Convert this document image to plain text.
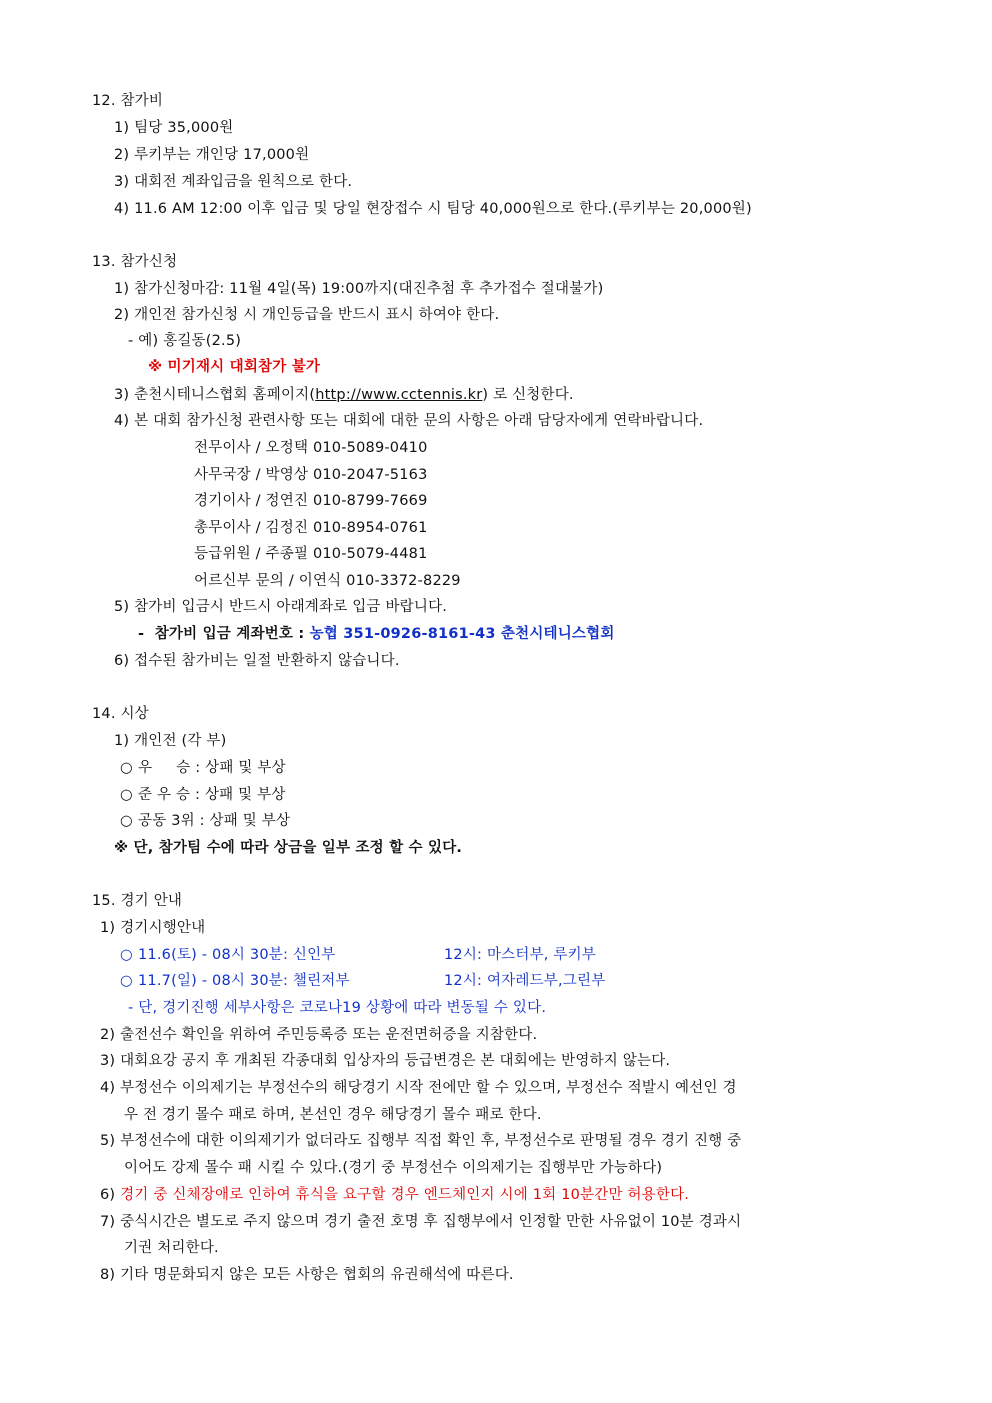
12. 참가비
1) 팀당 35,000원
2) 루키부는 개인당 17,000원
3) 대회전 계좌입금을 원칙으로 한다.
4) 11.6 AM 12:00 이후 입금 및 당일 현장접수 시 팀당 40,000원으로 한다.(루키부는 20,000원)
13. 참가신청
1) 참가신청마감: 11월 4일(목) 19:00까지(대진추첨 후 추가접수 절대불가)
2) 개인전 참가신청 시 개인등급을 반드시 표시 하여야 한다.
- 예) 홍길동(2.5)
※ 미기재시 대회참가 불가
3) 춘천시테니스협회 홈페이지(http://www.cctennis.kr) 로 신청한다.
4) 본 대회 참가신청 관련사항 또는 대회에 대한 문의 사항은 아래 담당자에게 연락바랍니다.
전무이사 / 오정택 010-5089-0410
사무국장 / 박영상 010-2047-5163
경기이사 / 정연진 010-8799-7669
총무이사 / 김정진 010-8954-0761
등급위원 / 주종필 010-5079-4481
어르신부 문의 / 이연식 010-3372-8229
5) 참가비 입금시 반드시 아래계좌로 입금 바랍니다.
-  참가비 입금 계좌번호 : 농협 351-0926-8161-43 춘천시테니스협회
6) 접수된 참가비는 일절 반환하지 않습니다.
14. 시상
1) 개인전 (각 부)
○ 우     승 : 상패 및 부상
○ 준 우 승 : 상패 및 부상
○ 공동 3위 : 상패 및 부상
※ 단, 참가팀 수에 따라 상금을 일부 조정 할 수 있다.
15. 경기 안내
1) 경기시행안내
○ 11.6(토) - 08시 30분: 신인부	12시: 마스터부, 루키부
○ 11.7(일) - 08시 30분: 챌린저부	12시: 여자레드부,그린부
- 단, 경기진행 세부사항은 코로나19 상황에 따라 변동될 수 있다.
2) 출전선수 확인을 위하여 주민등록증 또는 운전면허증을 지참한다.
3) 대회요강 공지 후 개최된 각종대회 입상자의 등급변경은 본 대회에는 반영하지 않는다.
4) 부정선수 이의제기는 부정선수의 해당경기 시작 전에만 할 수 있으며, 부정선수 적발시 예선인 경
우 전 경기 몰수 패로 하며, 본선인 경우 해당경기 몰수 패로 한다.
5) 부정선수에 대한 이의제기가 없더라도 집행부 직접 확인 후, 부정선수로 판명될 경우 경기 진행 중
이어도 강제 몰수 패 시킬 수 있다.(경기 중 부정선수 이의제기는 집행부만 가능하다)
6) 경기 중 신체장애로 인하여 휴식을 요구할 경우 엔드체인지 시에 1회 10분간만 허용한다.
7) 중식시간은 별도로 주지 않으며 경기 출전 호명 후 집행부에서 인정할 만한 사유없이 10분 경과시
기권 처리한다.
8) 기타 명문화되지 않은 모든 사항은 협회의 유권해석에 따른다.
